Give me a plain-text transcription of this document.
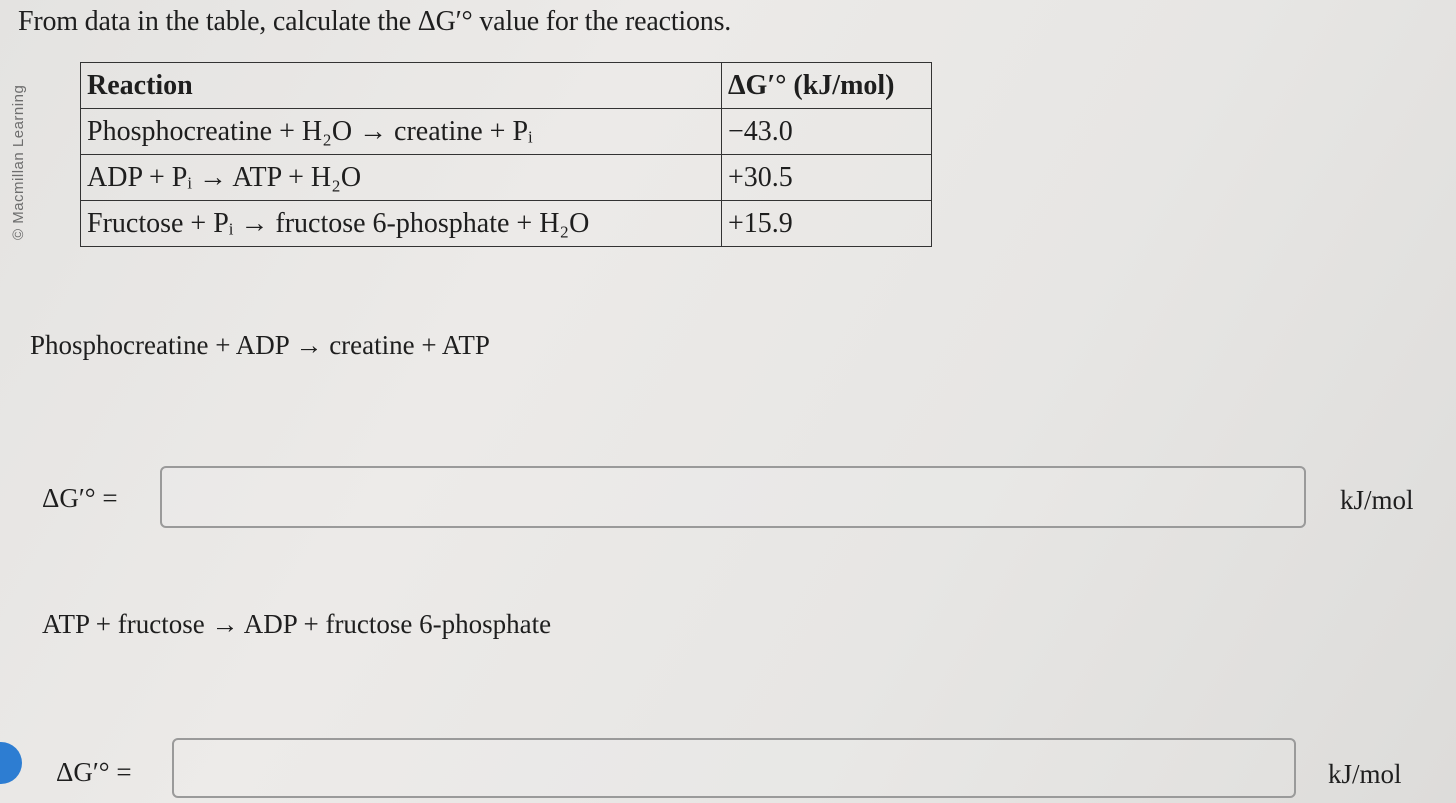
© Macmillan Learning
From data in the table, calculate the ΔG′° value for the reactions.
Reaction	ΔG′° (kJ/mol)
Phosphocreatine + H₂O → creatine + Pᵢ	−43.0
ADP + Pᵢ → ATP + H₂O	+30.5
Fructose + Pᵢ → fructose 6-phosphate + H₂O	+15.9
Phosphocreatine + ADP → creatine + ATP
ΔG′° =	kJ/mol
ATP + fructose → ADP + fructose 6-phosphate
ΔG′° =	kJ/mol
